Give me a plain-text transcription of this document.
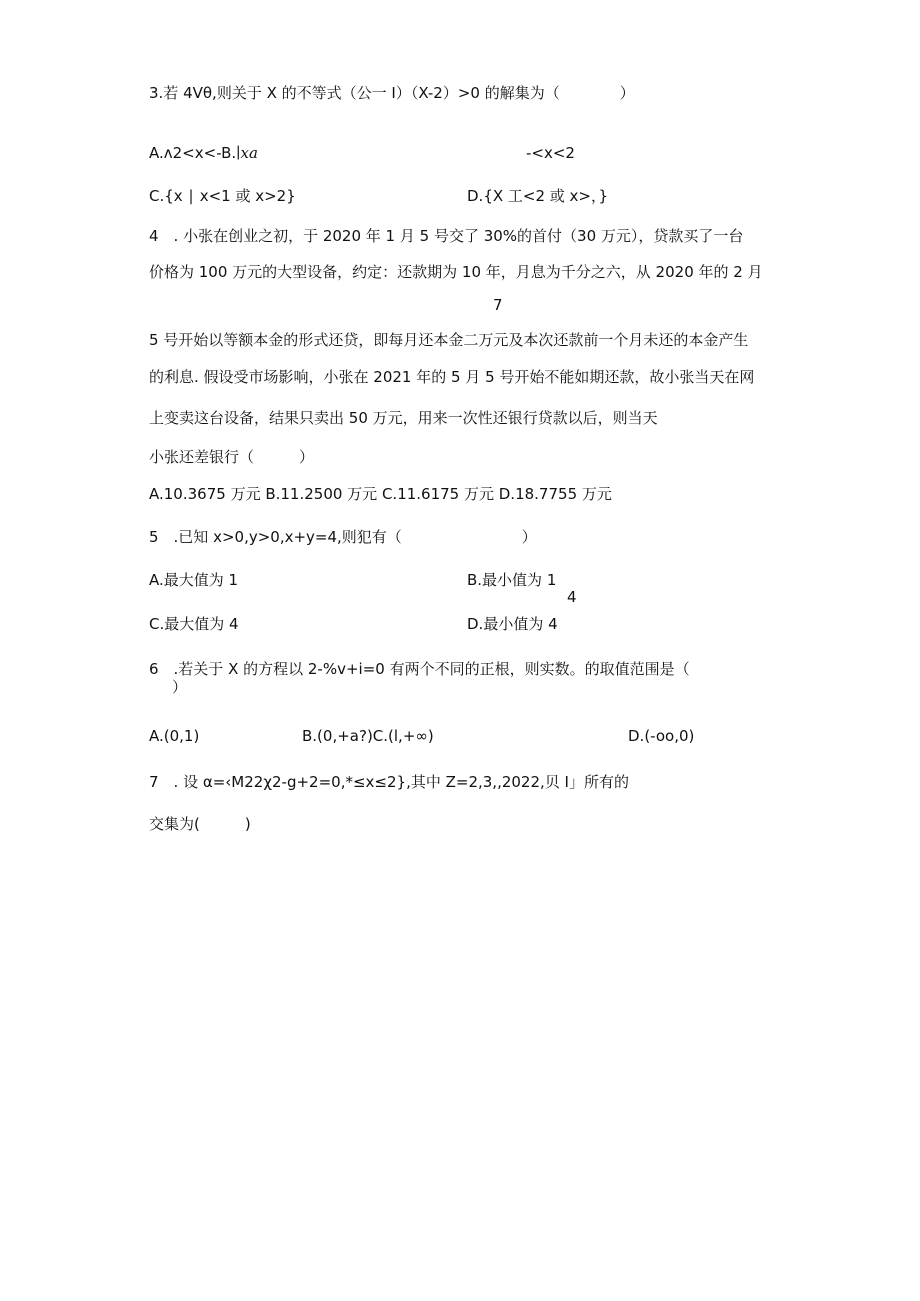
3.若 4Vθ,则关于 X 的不等式（公一 I）（X-2）>0 的解集为（　　　　）
A.ʌ2<x<-B.∣xa	-<x<2
C.{x ∣ x<1 或 x>2}	D.{X 工<2 或 x>，}
4　. 小张在创业之初，于 2020 年 1 月 5 号交了 30%的首付（30 万元），贷款买了一台
价格为 100 万元的大型设备，约定：还款期为 10 年，月息为千分之六，从 2020 年的 2 月
7
5 号开始以等额本金的形式还贷，即每月还本金二万元及本次还款前一个月未还的本金产生
的利息. 假设受市场影响，小张在 2021 年的 5 月 5 号开始不能如期还款，故小张当天在网
上变卖这台设备，结果只卖出 50 万元，用来一次性还银行贷款以后，则当天
小张还差银行（　　　）
A.10.3675 万元 B.11.2500 万元 C.11.6175 万元 D.18.7755 万元
5　.已知 x>0,y>0,x+y=4,则犯有（　　　　　　　　）
A.最大值为 1	B.最小值为 1
4
C.最大值为 4	D.最小值为 4
6　.若关于 X 的方程以 2-%v+i=0 有两个不同的正根，则实数。的取值范围是（
）
A.(0,1)	B.(0,+a?)C.(l,+∞)	D.(-oo,0)
7　. 设 α=‹M22χ2-g+2=0,*≤x≤2},其中 Z=2,3,,2022,贝 I」所有的
交集为(　　　)
